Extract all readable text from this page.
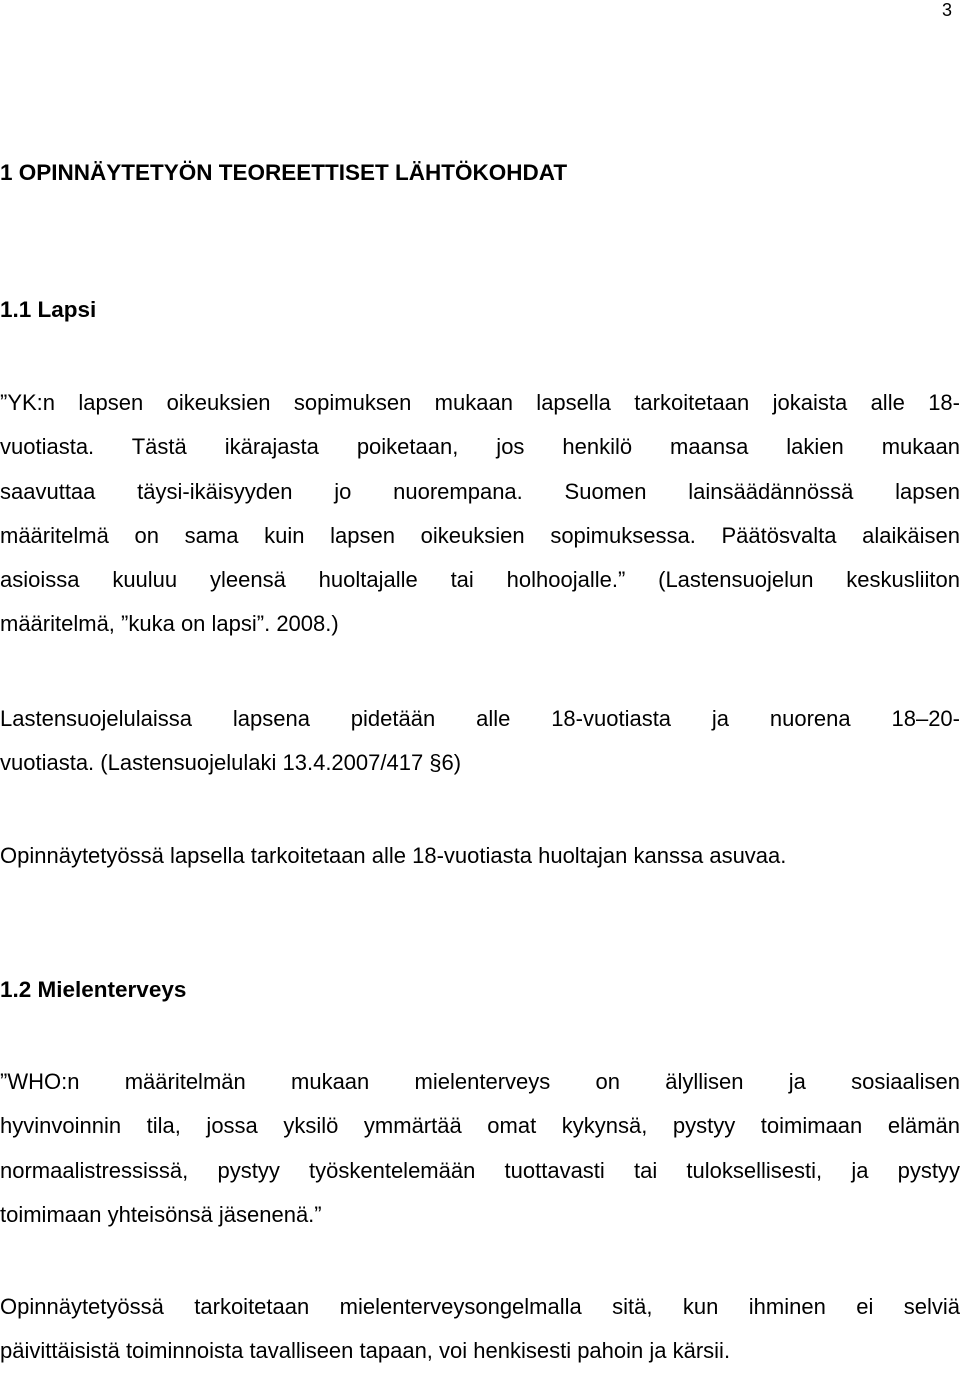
3
1 OPINNÄYTETYÖN TEOREETTISET LÄHTÖKOHDAT
1.1 Lapsi
”YK:n lapsen oikeuksien sopimuksen mukaan lapsella tarkoitetaan jokaista alle 18-
vuotiasta. Tästä ikärajasta poiketaan, jos henkilö maansa lakien mukaan
saavuttaa täysi-ikäisyyden jo nuorempana. Suomen lainsäädännössä lapsen
määritelmä on sama kuin lapsen oikeuksien sopimuksessa. Päätösvalta alaikäisen
asioissa kuuluu yleensä huoltajalle tai holhoojalle.” (Lastensuojelun keskusliiton
määritelmä, ”kuka on lapsi”. 2008.)
Lastensuojelulaissa lapsena pidetään alle 18-vuotiasta ja nuorena 18–20-
vuotiasta. (Lastensuojelulaki 13.4.2007/417 §6)
Opinnäytetyössä lapsella tarkoitetaan alle 18-vuotiasta huoltajan kanssa asuvaa.
1.2 Mielenterveys
”WHO:n määritelmän mukaan mielenterveys on älyllisen ja sosiaalisen
hyvinvoinnin tila, jossa yksilö ymmärtää omat kykynsä, pystyy toimimaan elämän
normaalistressissä, pystyy työskentelemään tuottavasti tai tuloksellisesti, ja pystyy
toimimaan yhteisönsä jäsenenä.”
Opinnäytetyössä tarkoitetaan mielenterveysongelmalla sitä, kun ihminen ei selviä
päivittäisistä toiminnoista tavalliseen tapaan, voi henkisesti pahoin ja kärsii.
